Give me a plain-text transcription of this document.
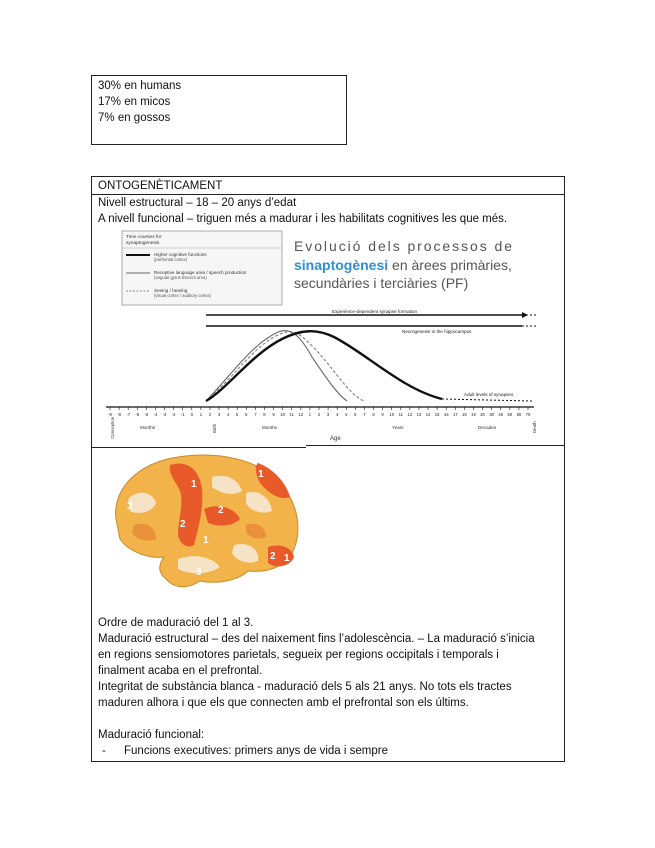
30% en humans
17% en micos
7% en gossos
ONTOGENÈTICAMENT
Nivell estructural – 18 – 20 anys d’edat
A nivell funcional – triguen més a madurar i les habilitats cognitives les que més.
Time courses for
synaptogenesis
Higher cognitive functions
(prefrontal cortex)
Receptive language area / speech production
(angular gyrus Broca’s area)
Seeing / hearing
(visual cortex / auditory cortex)
Evolució dels processos de
sinaptogènesi en àrees primàries,
secundàries i terciàries (PF)
Experience-dependent synapse formation
Neurogenesis in the hippocampus
Adult levels of synapses
-9 -8 -7 -6 -5 -4 -3 -2 -1 0 1 2 3 4 5 6 7 8 9 10 11 12 1 2 3 4 5 6 7 8 9 10 11 12 13 14 15 16 17 18 19 20 30 40 50 60 70
Conception	Months	Birth	Months	Years	Decades	Death
Age
1
2
3
1
2
1
2
3
1
Ordre de maduració del 1 al 3.
Maduració estructural – des del naixement fins l’adolescència. – La maduració s’inicia
en regions sensiomotores parietals, segueix per regions occipitals i temporals i
finalment acaba en el prefrontal.
Integritat de substància blanca - maduració dels 5 als 21 anys. No tots els tractes
maduren alhora i que els que connecten amb el prefrontal son els últims.
Maduració funcional:
-	Funcions executives: primers anys de vida i sempre
